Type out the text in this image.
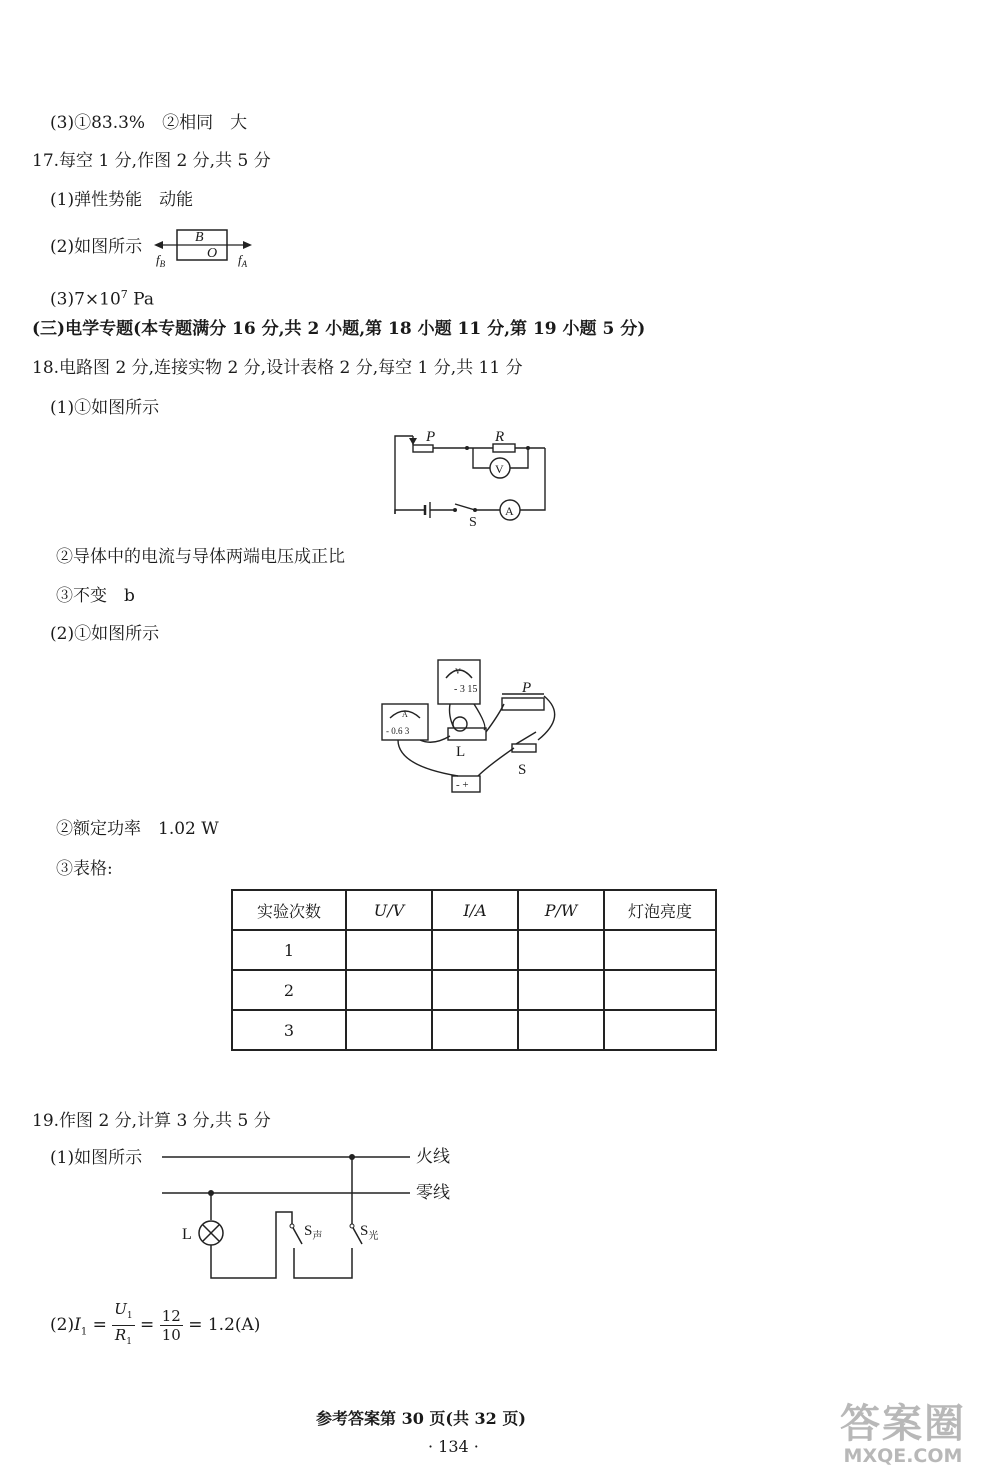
(3)①83.3%　②相同　大
17.每空 1 分,作图 2 分,共 5 分
(1)弹性势能　动能
(2)如图所示	B
O
$f_B$	$f_A$
$(3)7\times 10^7$ Pa
(三)电学专题(本专题满分 16 分,共 2 小题,第 18 小题 11 分,第 19 小题 5 分)
18.电路图 2 分,连接实物 2 分,设计表格 2 分,每空 1 分,共 11 分
(1)①如图所示
P	R
V
A
S
②导体中的电流与导体两端电压成正比
③不变　b
(2)①如图所示
- 3 15
V
- 0.6 3
A
P
L
S
- +
②额定功率　1.02 W
③表格:
实验次数	U/V	I/A	P/W	灯泡亮度
1				
2				
3				
19.作图 2 分,计算 3 分,共 5 分
(1)如图所示	火线
零线
L	$S_声$	$S_光$
$(2)I_1 = \frac{U_1}{R_1} = \frac{12}{10} = 1.2(A)$
参考答案第 30 页(共 32 页)
· 134 ·	答案圈
MXQE.COM
